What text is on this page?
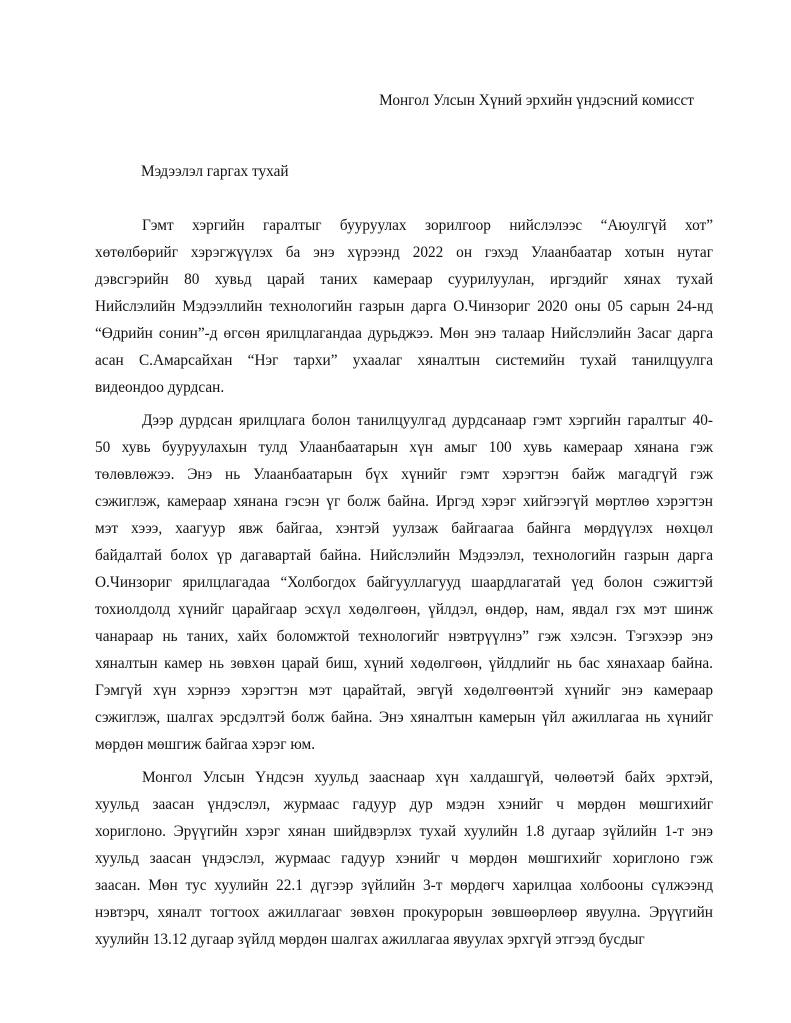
Монгол Улсын Хүний эрхийн үндэсний комисст
Мэдээлэл гаргах тухай
Гэмт хэргийн гаралтыг бууруулах зорилгоор нийслэлээс “Аюулгүй хот”
хөтөлбөрийг хэрэгжүүлэх ба энэ хүрээнд 2022 он гэхэд Улаанбаатар хотын нутаг
дэвсгэрийн 80 хувьд царай таних камераар суурилуулан, иргэдийг хянах тухай
Нийслэлийн Мэдээллийн технологийн газрын дарга О.Чинзориг 2020 оны 05 сарын 24-нд
“Өдрийн сонин”-д өгсөн ярилцлагандаа дурьджээ. Мөн энэ талаар Нийслэлийн Засаг дарга
асан С.Амарсайхан “Нэг тархи” ухаалаг хяналтын системийн тухай танилцуулга
видеондоо дурдсан.
Дээр дурдсан ярилцлага болон танилцуулгад дурдсанаар гэмт хэргийн гаралтыг 40-
50 хувь бууруулахын тулд Улаанбаатарын хүн амыг 100 хувь камераар хянана гэж
төлөвлөжээ. Энэ нь Улаанбаатарын бүх хүнийг гэмт хэрэгтэн байж магадгүй гэж
сэжиглэж, камераар хянана гэсэн үг болж байна. Иргэд хэрэг хийгээгүй мөртлөө хэрэгтэн
мэт хэээ, хаагуур явж байгаа, хэнтэй уулзаж байгаагаа байнга мөрдүүлэх нөхцөл
байдалтай болох үр дагавартай байна. Нийслэлийн Мэдээлэл, технологийн газрын дарга
О.Чинзориг ярилцлагадаа “Холбогдох байгууллагууд шаардлагатай үед болон сэжигтэй
тохиолдолд хүнийг царайгаар эсхүл хөдөлгөөн, үйлдэл, өндөр, нам, явдал гэх мэт шинж
чанараар нь таних, хайх боломжтой технологийг нэвтрүүлнэ” гэж хэлсэн. Тэгэхээр энэ
хяналтын камер нь зөвхөн царай биш, хүний хөдөлгөөн, үйлдлийг нь бас хянахаар байна.
Гэмгүй хүн хэрнээ хэрэгтэн мэт царайтай, эвгүй хөдөлгөөнтэй хүнийг энэ камераар
сэжиглэж, шалгах эрсдэлтэй болж байна. Энэ хяналтын камерын үйл ажиллагаа нь хүнийг
мөрдөн мөшгиж байгаа хэрэг юм.
Монгол Улсын Үндсэн хуульд зааснаар хүн халдашгүй, чөлөөтэй байх эрхтэй,
хуульд заасан үндэслэл, журмаас гадуур дур мэдэн хэнийг ч мөрдөн мөшгихийг
хориглоно. Эрүүгийн хэрэг хянан шийдвэрлэх тухай хуулийн 1.8 дугаар зүйлийн 1-т энэ
хуульд заасан үндэслэл, журмаас гадуур хэнийг ч мөрдөн мөшгихийг хориглоно гэж
заасан. Мөн тус хуулийн 22.1 дүгээр зүйлийн 3-т мөрдөгч харилцаа холбооны сүлжээнд
нэвтэрч, хяналт тогтоох ажиллагааг зөвхөн прокурорын зөвшөөрлөөр явуулна. Эрүүгийн
хуулийн 13.12 дугаар зүйлд мөрдөн шалгах ажиллагаа явуулах эрхгүй этгээд бусдыг
